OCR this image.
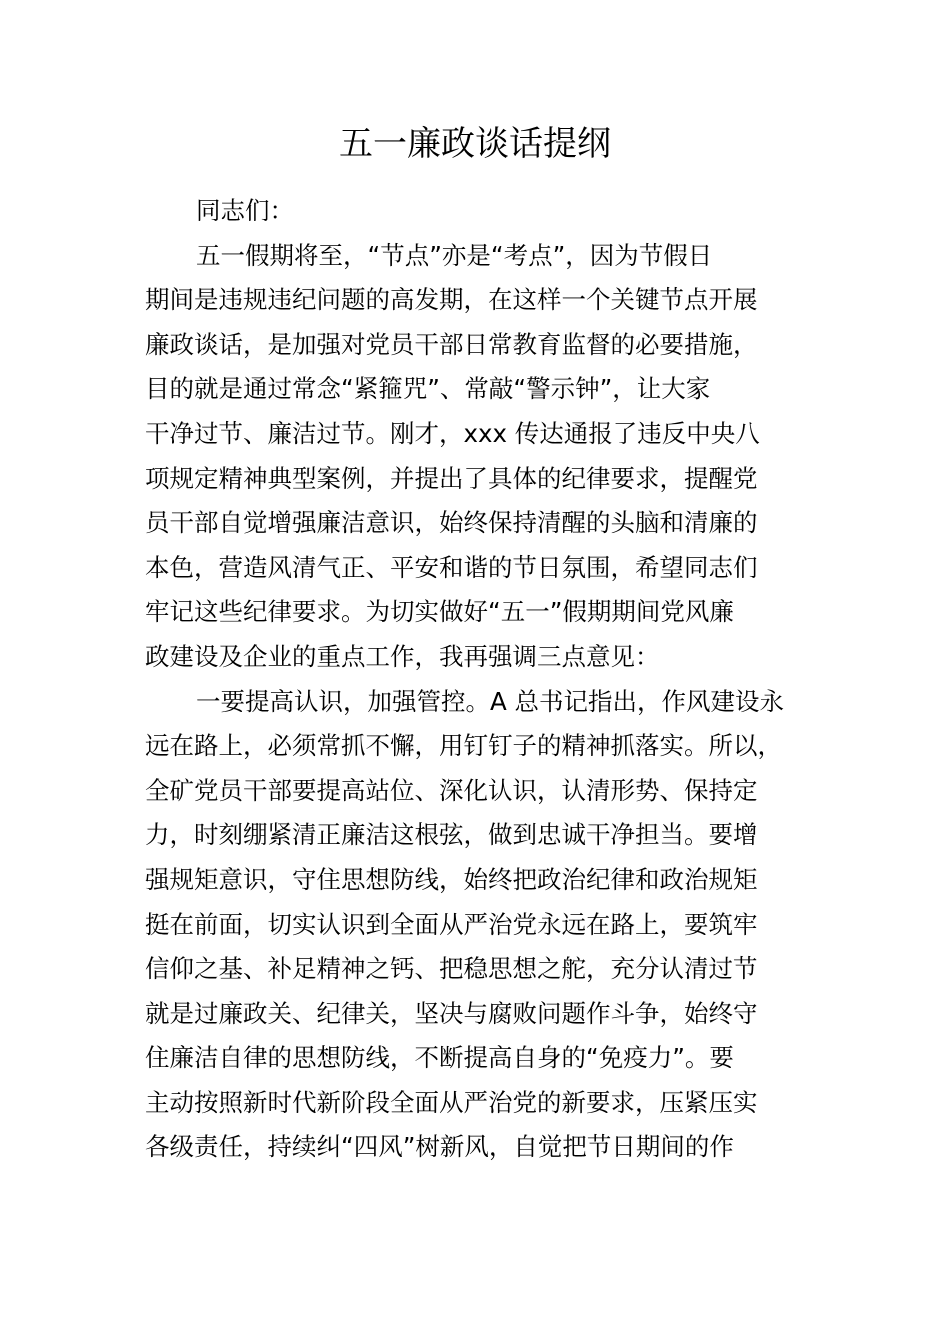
五一廉政谈话提纲

同志们：

五一假期将至，“节点”亦是“考点”，因为节假日
期间是违规违纪问题的高发期，在这样一个关键节点开展
廉政谈话，是加强对党员干部日常教育监督的必要措施，
目的就是通过常念“紧箍咒”、常敲“警示钟”，让大家
干净过节、廉洁过节。刚才，xxx 传达通报了违反中央八
项规定精神典型案例，并提出了具体的纪律要求，提醒党
员干部自觉增强廉洁意识，始终保持清醒的头脑和清廉的
本色，营造风清气正、平安和谐的节日氛围，希望同志们
牢记这些纪律要求。为切实做好“五一”假期期间党风廉
政建设及企业的重点工作，我再强调三点意见：

一要提高认识，加强管控。A 总书记指出，作风建设永
远在路上，必须常抓不懈，用钉钉子的精神抓落实。所以，
全矿党员干部要提高站位、深化认识，认清形势、保持定
力，时刻绷紧清正廉洁这根弦，做到忠诚干净担当。要增
强规矩意识，守住思想防线，始终把政治纪律和政治规矩
挺在前面，切实认识到全面从严治党永远在路上，要筑牢
信仰之基、补足精神之钙、把稳思想之舵，充分认清过节
就是过廉政关、纪律关，坚决与腐败问题作斗争，始终守
住廉洁自律的思想防线，不断提高自身的“免疫力”。要
主动按照新时代新阶段全面从严治党的新要求，压紧压实
各级责任，持续纠“四风”树新风，自觉把节日期间的作
